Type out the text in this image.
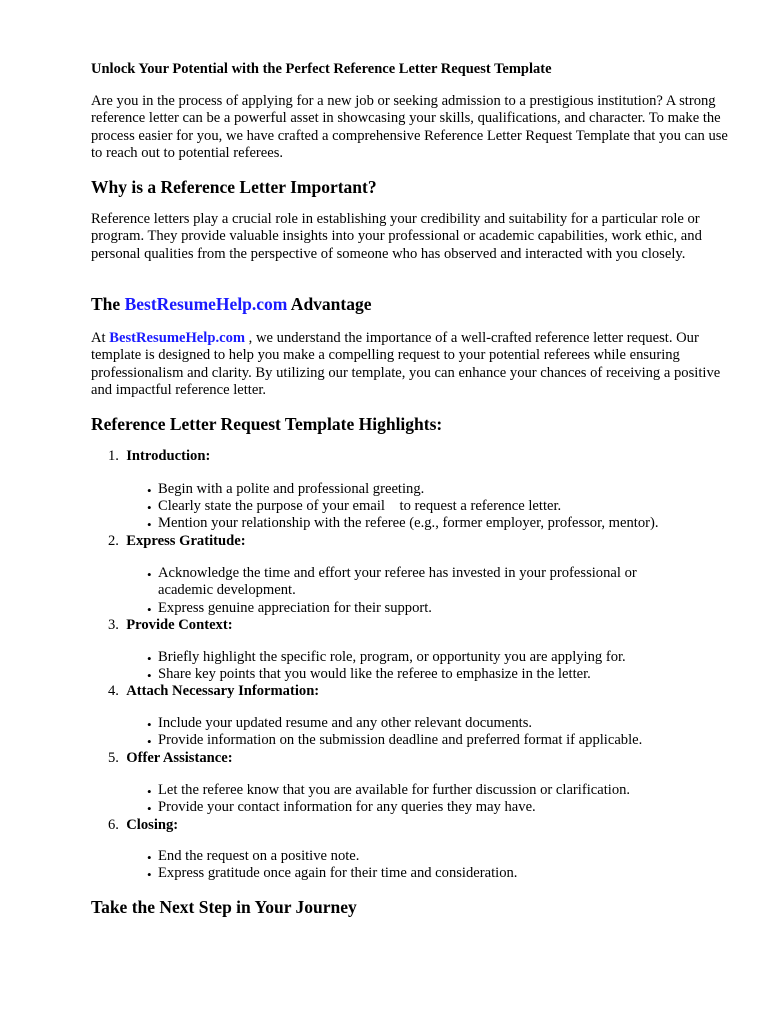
Unlock Your Potential with the Perfect Reference Letter Request Template
Are you in the process of applying for a new job or seeking admission to a prestigious institution? A strong reference letter can be a powerful asset in showcasing your skills, qualifications, and character. To make the process easier for you, we have crafted a comprehensive Reference Letter Request Template that you can use to reach out to potential referees.
Why is a Reference Letter Important?
Reference letters play a crucial role in establishing your credibility and suitability for a particular role or program. They provide valuable insights into your professional or academic capabilities, work ethic, and personal qualities from the perspective of someone who has observed and interacted with you closely.
The BestResumeHelp.com Advantage
At BestResumeHelp.com , we understand the importance of a well-crafted reference letter request. Our template is designed to help you make a compelling request to your potential referees while ensuring professionalism and clarity. By utilizing our template, you can enhance your chances of receiving a positive and impactful reference letter.
Reference Letter Request Template Highlights:
1. Introduction:
• Begin with a polite and professional greeting.
• Clearly state the purpose of your email    to request a reference letter.
• Mention your relationship with the referee (e.g., former employer, professor, mentor).
2. Express Gratitude:
• Acknowledge the time and effort your referee has invested in your professional or academic development.
• Express genuine appreciation for their support.
3. Provide Context:
• Briefly highlight the specific role, program, or opportunity you are applying for.
• Share key points that you would like the referee to emphasize in the letter.
4. Attach Necessary Information:
• Include your updated resume and any other relevant documents.
• Provide information on the submission deadline and preferred format if applicable.
5. Offer Assistance:
• Let the referee know that you are available for further discussion or clarification.
• Provide your contact information for any queries they may have.
6. Closing:
• End the request on a positive note.
• Express gratitude once again for their time and consideration.
Take the Next Step in Your Journey
